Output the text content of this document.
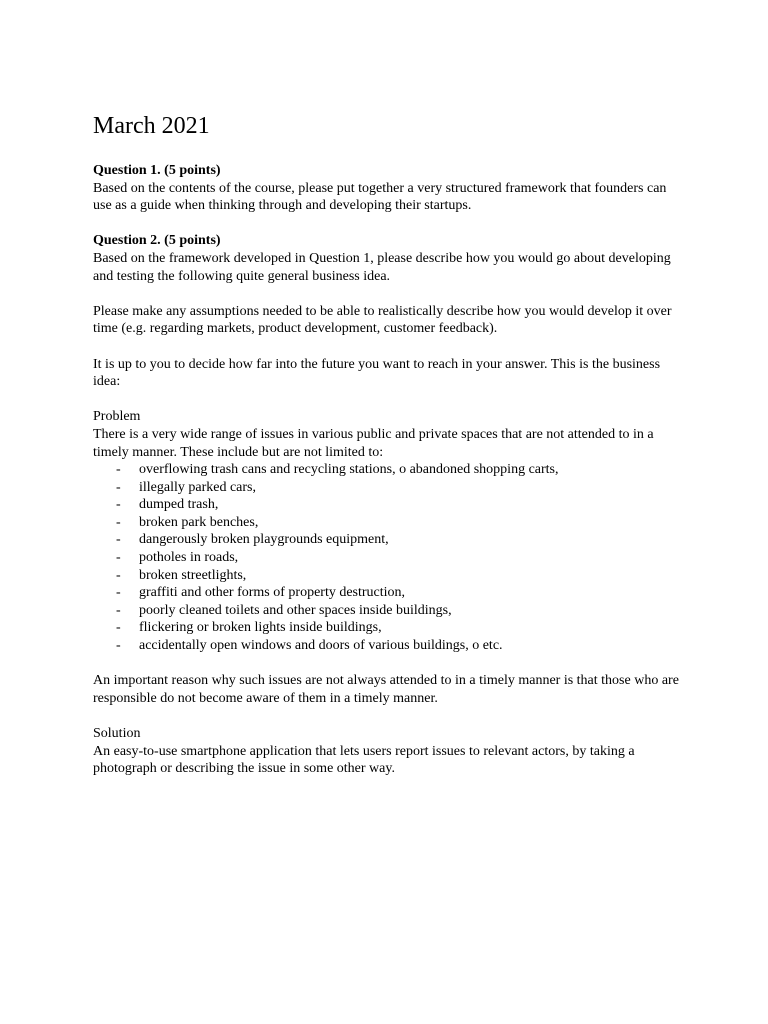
March 2021
Question 1. (5 points)

Based on the contents of the course, please put together a very structured framework that founders can use as a guide when thinking through and developing their startups.

Question 2. (5 points)

Based on the framework developed in Question 1, please describe how you would go about developing and testing the following quite general business idea.

Please make any assumptions needed to be able to realistically describe how you would develop it over time (e.g. regarding markets, product development, customer feedback).

It is up to you to decide how far into the future you want to reach in your answer. This is the business idea:

Problem

There is a very wide range of issues in various public and private spaces that are not attended to in a timely manner. These include but are not limited to:

- overflowing trash cans and recycling stations, o abandoned shopping carts,
- illegally parked cars,
- dumped trash,
- broken park benches,
- dangerously broken playgrounds equipment,
- potholes in roads,
- broken streetlights,
- graffiti and other forms of property destruction,
- poorly cleaned toilets and other spaces inside buildings,
- flickering or broken lights inside buildings,
- accidentally open windows and doors of various buildings, o etc.

An important reason why such issues are not always attended to in a timely manner is that those who are responsible do not become aware of them in a timely manner.

Solution

An easy-to-use smartphone application that lets users report issues to relevant actors, by taking a photograph or describing the issue in some other way.
